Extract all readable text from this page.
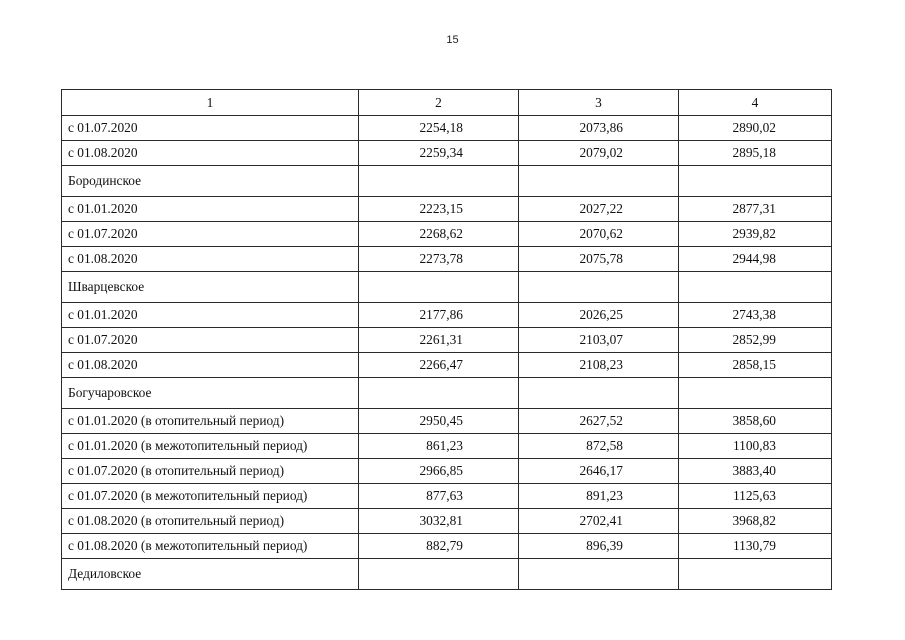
15
1	2	3	4
с 01.07.2020	2254,18	2073,86	2890,02
с 01.08.2020	2259,34	2079,02	2895,18
Бородинское			
с 01.01.2020	2223,15	2027,22	2877,31
с 01.07.2020	2268,62	2070,62	2939,82
с 01.08.2020	2273,78	2075,78	2944,98
Шварцевское			
с 01.01.2020	2177,86	2026,25	2743,38
с 01.07.2020	2261,31	2103,07	2852,99
с 01.08.2020	2266,47	2108,23	2858,15
Богучаровское			
с 01.01.2020 (в отопительный период)	2950,45	2627,52	3858,60
с 01.01.2020 (в межотопительный период)	861,23	872,58	1100,83
с 01.07.2020 (в отопительный период)	2966,85	2646,17	3883,40
с 01.07.2020 (в межотопительный период)	877,63	891,23	1125,63
с 01.08.2020 (в отопительный период)	3032,81	2702,41	3968,82
с 01.08.2020 (в межотопительный период)	882,79	896,39	1130,79
Дедиловское			
